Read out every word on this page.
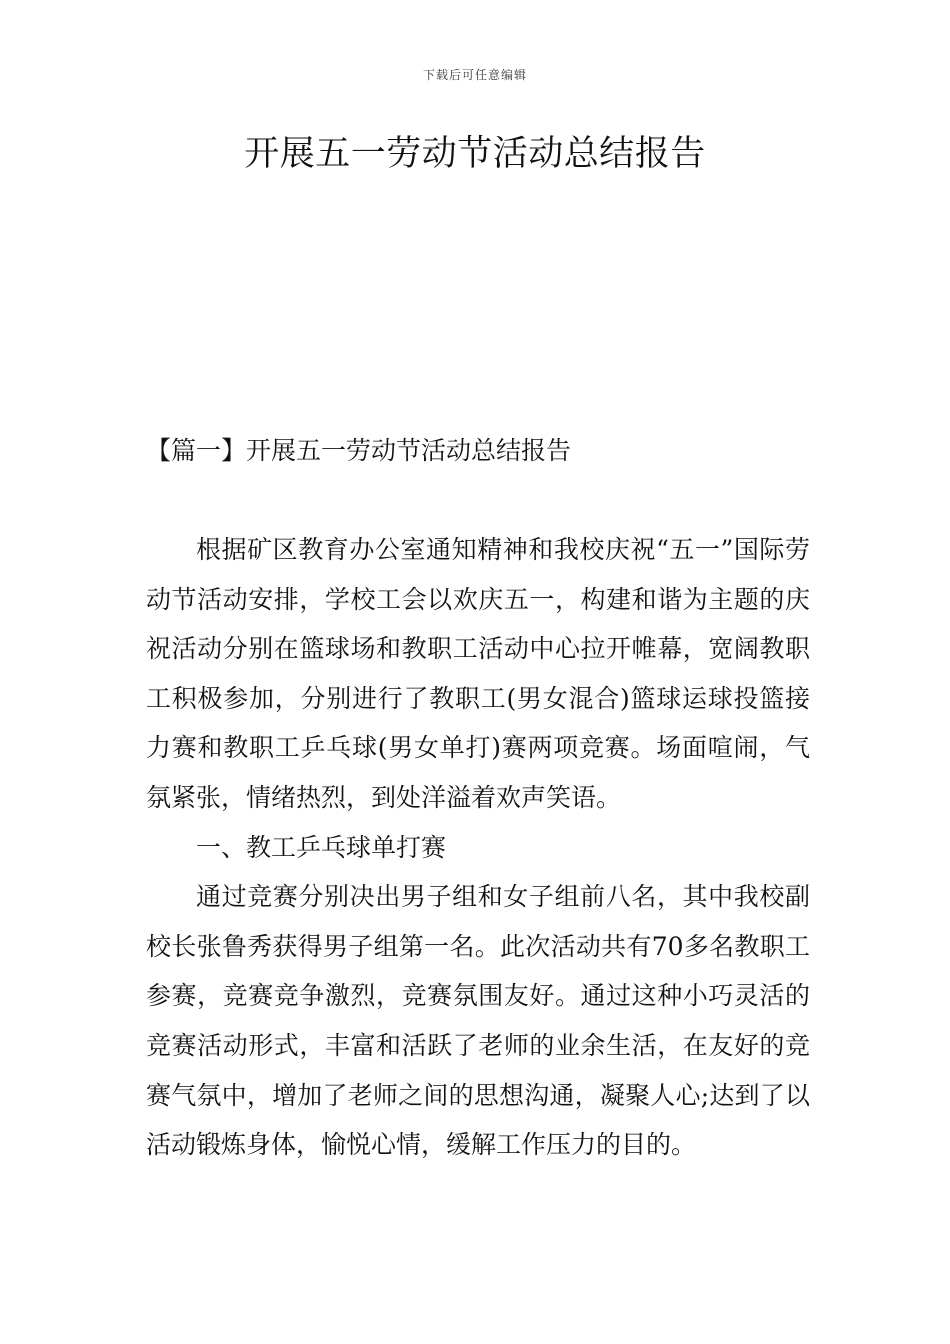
下载后可任意编辑
开展五一劳动节活动总结报告
【篇一】开展五一劳动节活动总结报告

根据矿区教育办公室通知精神和我校庆祝“五一”国际劳动节活动安排，学校工会以欢庆五一，构建和谐为主题的庆祝活动分别在篮球场和教职工活动中心拉开帷幕，宽阔教职工积极参加，分别进行了教职工(男女混合)篮球运球投篮接力赛和教职工乒乓球(男女单打)赛两项竞赛。场面喧闹，气氛紧张，情绪热烈，到处洋溢着欢声笑语。

一、教工乒乓球单打赛

通过竞赛分别决出男子组和女子组前八名，其中我校副校长张鲁秀获得男子组第一名。此次活动共有70多名教职工参赛，竞赛竞争激烈，竞赛氛围友好。通过这种小巧灵活的竞赛活动形式，丰富和活跃了老师的业余生活，在友好的竞赛气氛中，增加了老师之间的思想沟通，凝聚人心;达到了以活动锻炼身体，愉悦心情，缓解工作压力的目的。
